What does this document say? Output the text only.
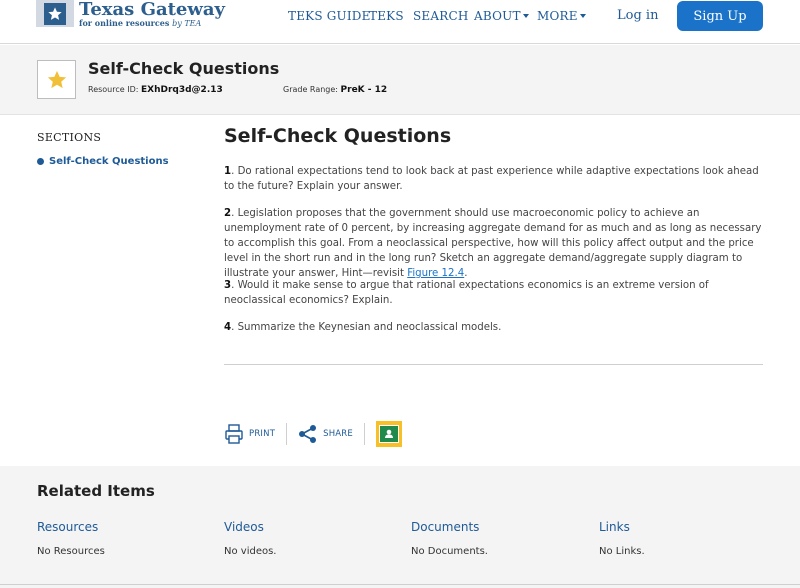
Texas Gateway
for online resources by TEA
TEKS GUIDE
TEKS SEARCH ABOUT	MORE	Log in	Sign Up
Self-Check Questions
Resource ID: EXhDrq3d@2.13	Grade Range: PreK - 12
SECTIONS
Self-Check Questions
Self-Check Questions
1. Do rational expectations tend to look back at past experience while adaptive expectations look ahead to the future? Explain your answer.
2. Legislation proposes that the government should use macroeconomic policy to achieve an unemployment rate of 0 percent, by increasing aggregate demand for as much and as long as necessary to accomplish this goal. From a neoclassical perspective, how will this policy affect output and the price level in the short run and in the long run? Sketch an aggregate demand/aggregate supply diagram to illustrate your answer, Hint—revisit Figure 12.4.
3. Would it make sense to argue that rational expectations economics is an extreme version of neoclassical economics? Explain.
4. Summarize the Keynesian and neoclassical models.
PRINT	SHARE
Related Items
Resources
No Resources
Videos
No videos.
Documents
No Documents.
Links
No Links.
